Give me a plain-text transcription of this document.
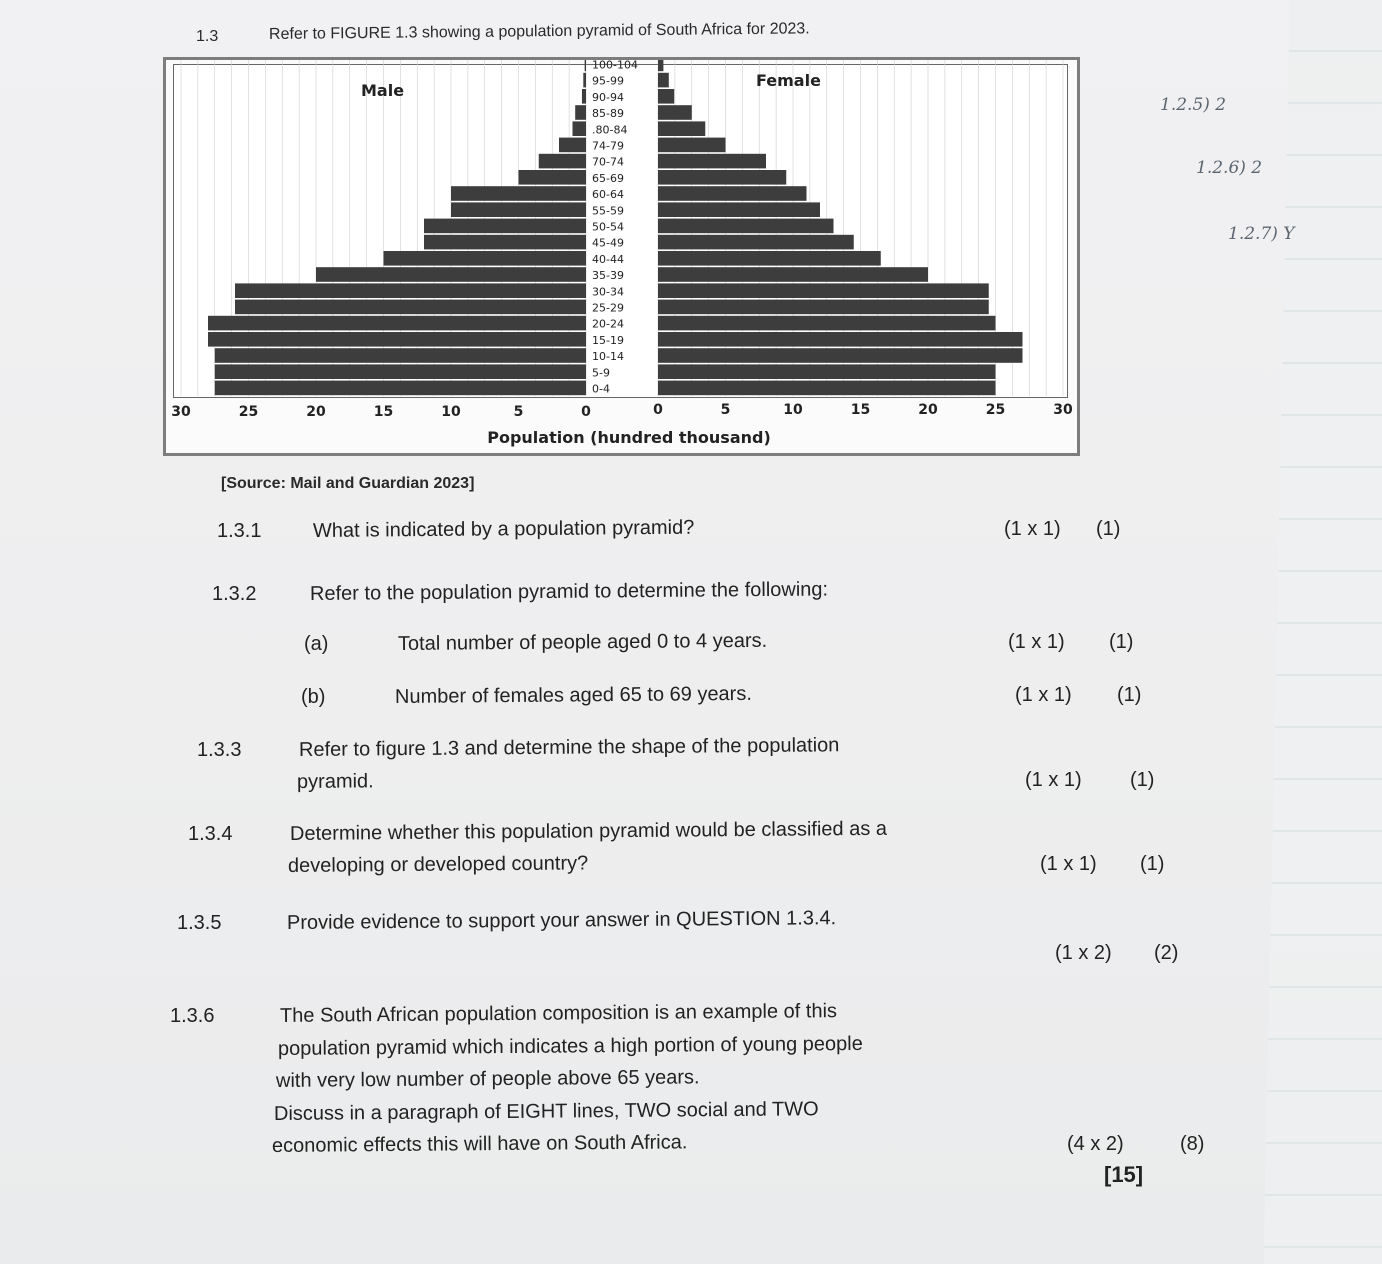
1.2.5) 2
1.2.6) 2
1.2.7) Y
1.3	Refer to FIGURE 1.3 showing a population pyramid of South Africa for 2023.
0-4
5-9
10-14
15-19
20-24
25-29
30-34
35-39
40-44
45-49
50-54
55-59
60-64
65-69
70-74
74-79
.80-84
85-89
90-94
95-99
100-104
Male
Female
30	25	20	15	10	5	0	0	5	10	15	20	25	30
Population (hundred thousand)
[Source: Mail and Guardian 2023]
1.3.1	What is indicated by a population pyramid?	(1 x 1) (1)
1.3.2	Refer to the population pyramid to determine the following:
(a)	Total number of people aged 0 to 4 years.	(1 x 1) (1)
(b)	Number of females aged 65 to 69 years.	(1 x 1) (1)
1.3.3	Refer to figure 1.3 and determine the shape of the population
pyramid.	(1 x 1) (1)
1.3.4	Determine whether this population pyramid would be classified as a
developing or developed country?	(1 x 1) (1)
1.3.5	Provide evidence to support your answer in QUESTION 1.3.4.
(1 x 2) (2)
1.3.6	The South African population composition is an example of this
population pyramid which indicates a high portion of young people
with very low number of people above 65 years.
Discuss in a paragraph of EIGHT lines, TWO social and TWO
economic effects this will have on South Africa.	(4 x 2)	(8)
[15]
